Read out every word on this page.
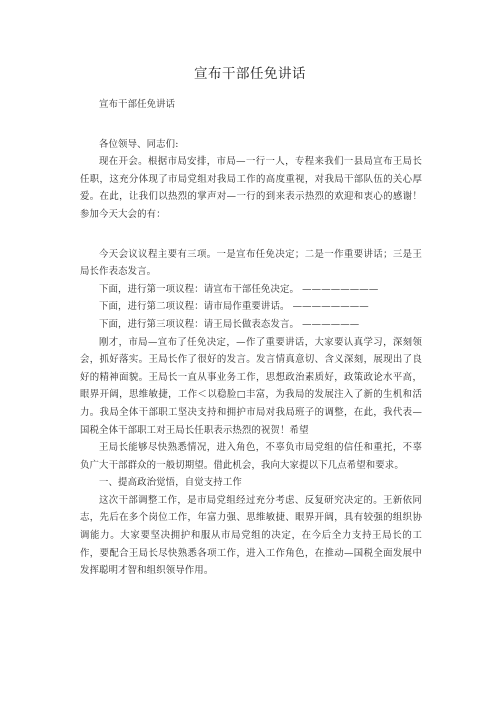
宣布干部任免讲话

宣布干部任免讲话

各位领导、同志们:

现在开会。根据市局安排，市局—一行一人，专程来我们一县局宣布王局长任职，这充分体现了市局党组对我局工作的高度重视，对我局干部队伍的关心厚爱。在此，让我们以热烈的掌声对—一行的到来表示热烈的欢迎和衷心的感谢！参加今天大会的有：

今天会议议程主要有三项。一是宣布任免决定；二是一作重要讲话；三是王局长作表态发言。

下面，进行第一项议程：请宣布干部任免决定。 ————————

下面，进行第二项议程：请市局作重要讲话。 ————————

下面，进行第三项议程：请王局长做表态发言。 ——————

刚才，市局—宣布了任免决定，—作了重要讲话，大家要认真学习，深刻领会，抓好落实。王局长作了很好的发言。发言情真意切、含义深刻，展现出了良好的精神面貌。王局长一直从事业务工作，思想政治素质好，政策政论水平高，眼界开阔，思维敏捷，工作＜以稳脸□丰富，为我局的发展注入了新的生机和活力。我局全体干部职工坚决支持和拥护市局对我局班子的调整，在此，我代表—国税全体干部职工对王局长任职表示热烈的祝贺！希望

王局长能够尽快熟悉情况，进入角色，不辜负市局党组的信任和重托，不辜负广大干部群众的一般切期望。借此机会，我向大家提以下几点希望和要求。

一、提高政治觉悟，自觉支持工作

这次干部调整工作，是市局党组经过充分考虑、反复研究决定的。王新依同志，先后在多个岗位工作，年富力强、思维敏捷、眼界开阔，具有较强的组织协调能力。大家要坚决拥护和服从市局党组的决定，在今后全力支持王局长的工作，要配合王局长尽快熟悉各项工作，进入工作角色，在推动—国税全面发展中发挥聪明才智和组织领导作用。
